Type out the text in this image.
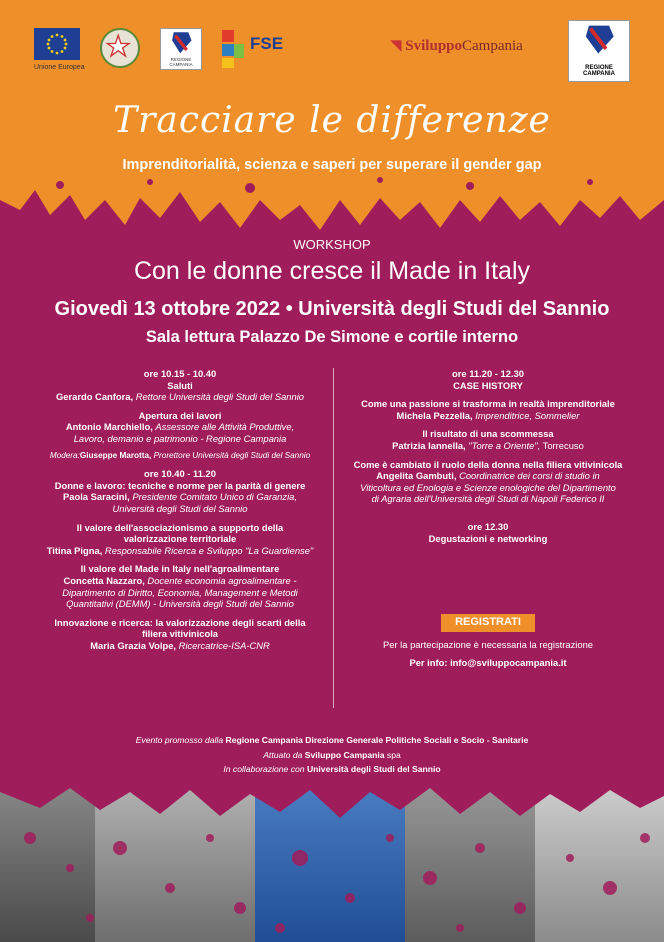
Unione Europea
REGIONE CAMPANIA
FSE	◥ SviluppoCampania
REGIONE CAMPANIA
Tracciare le differenze
Imprenditorialità, scienza e saperi per superare il gender gap
WORKSHOP
Con le donne cresce il Made in Italy
Giovedì 13 ottobre 2022 • Università degli Studi del Sannio
Sala lettura Palazzo De Simone e cortile interno
ore 10.15 - 10.40
Saluti
Gerardo Canfora, Rettore Università degli Studi del Sannio
Apertura dei lavori
Antonio Marchiello, Assessore alle Attività Produttive,
Lavoro, demanio e patrimonio - Regione Campania
Modera:Giuseppe Marotta, Prorettore Università degli Studi del Sannio
ore 10.40 - 11.20
Donne e lavoro: tecniche e norme per la parità di genere
Paola Saracini, Presidente Comitato Unico di Garanzia,
Università degli Studi del Sannio
Il valore dell'associazionismo a supporto della
valorizzazione territoriale
Titina Pigna, Responsabile Ricerca e Sviluppo "La Guardiense"
Il valore del Made in Italy nell'agroalimentare
Concetta Nazzaro, Docente economia agroalimentare -
Dipartimento di Diritto, Economia, Management e Metodi
Quantitativi (DEMM) - Università degli Studi del Sannio
Innovazione e ricerca: la valorizzazione degli scarti della
filiera vitivinicola
Maria Grazia Volpe, Ricercatrice-ISA-CNR
ore 11.20 - 12.30
CASE HISTORY
Come una passione si trasforma in realtà imprenditoriale
Michela Pezzella, Imprenditrice, Sommelier
Il risultato di una scommessa
Patrizia Iannella, "Torre a Oriente", Torrecuso
Come è cambiato il ruolo della donna nella filiera vitivinicola
Angelita Gambuti, Coordinatrice dei corsi di studio in
Viticoltura ed Enologia e Scienze enologiche del Dipartimento
di Agraria dell'Università degli Studi di Napoli Federico II
ore 12.30
Degustazioni e networking
REGISTRATI
Per la partecipazione è necessaria la registrazione
Per info: info@sviluppocampania.it
Evento promosso dalla Regione Campania Direzione Generale Politiche Sociali e Socio - Sanitarie
Attuato da Sviluppo Campania spa
In collaborazione con Università degli Studi del Sannio
